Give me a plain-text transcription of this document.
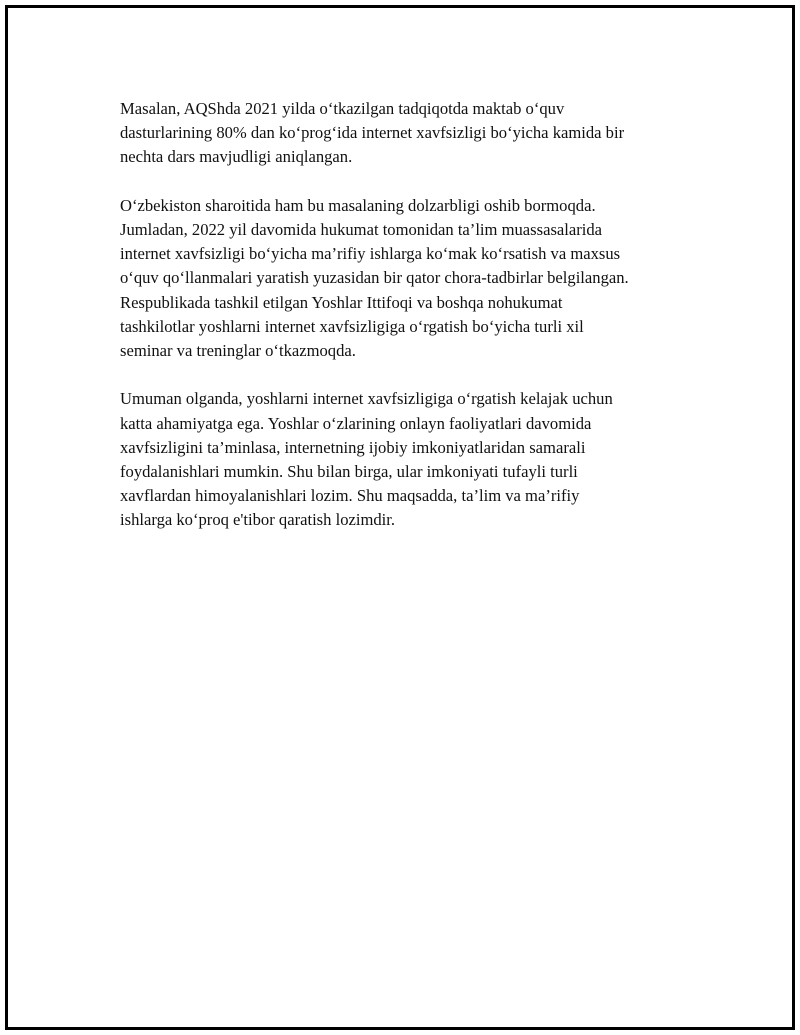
Masalan, AQShda 2021 yilda o‘tkazilgan tadqiqotda maktab o‘quv
dasturlarining 80% dan ko‘prog‘ida internet xavfsizligi bo‘yicha kamida bir
nechta dars mavjudligi aniqlangan.

O‘zbekiston sharoitida ham bu masalaning dolzarbligi oshib bormoqda.
Jumladan, 2022 yil davomida hukumat tomonidan ta’lim muassasalarida
internet xavfsizligi bo‘yicha ma’rifiy ishlarga ko‘mak ko‘rsatish va maxsus
o‘quv qo‘llanmalari yaratish yuzasidan bir qator chora-tadbirlar belgilangan.
Respublikada tashkil etilgan Yoshlar Ittifoqi va boshqa nohukumat
tashkilotlar yoshlarni internet xavfsizligiga o‘rgatish bo‘yicha turli xil
seminar va treninglar o‘tkazmoqda.

Umuman olganda, yoshlarni internet xavfsizligiga o‘rgatish kelajak uchun
katta ahamiyatga ega. Yoshlar o‘zlarining onlayn faoliyatlari davomida
xavfsizligini ta’minlasa, internetning ijobiy imkoniyatlaridan samarali
foydalanishlari mumkin. Shu bilan birga, ular imkoniyati tufayli turli
xavflardan himoyalanishlari lozim. Shu maqsadda, ta’lim va ma’rifiy
ishlarga ko‘proq e'tibor qaratish lozimdir.
